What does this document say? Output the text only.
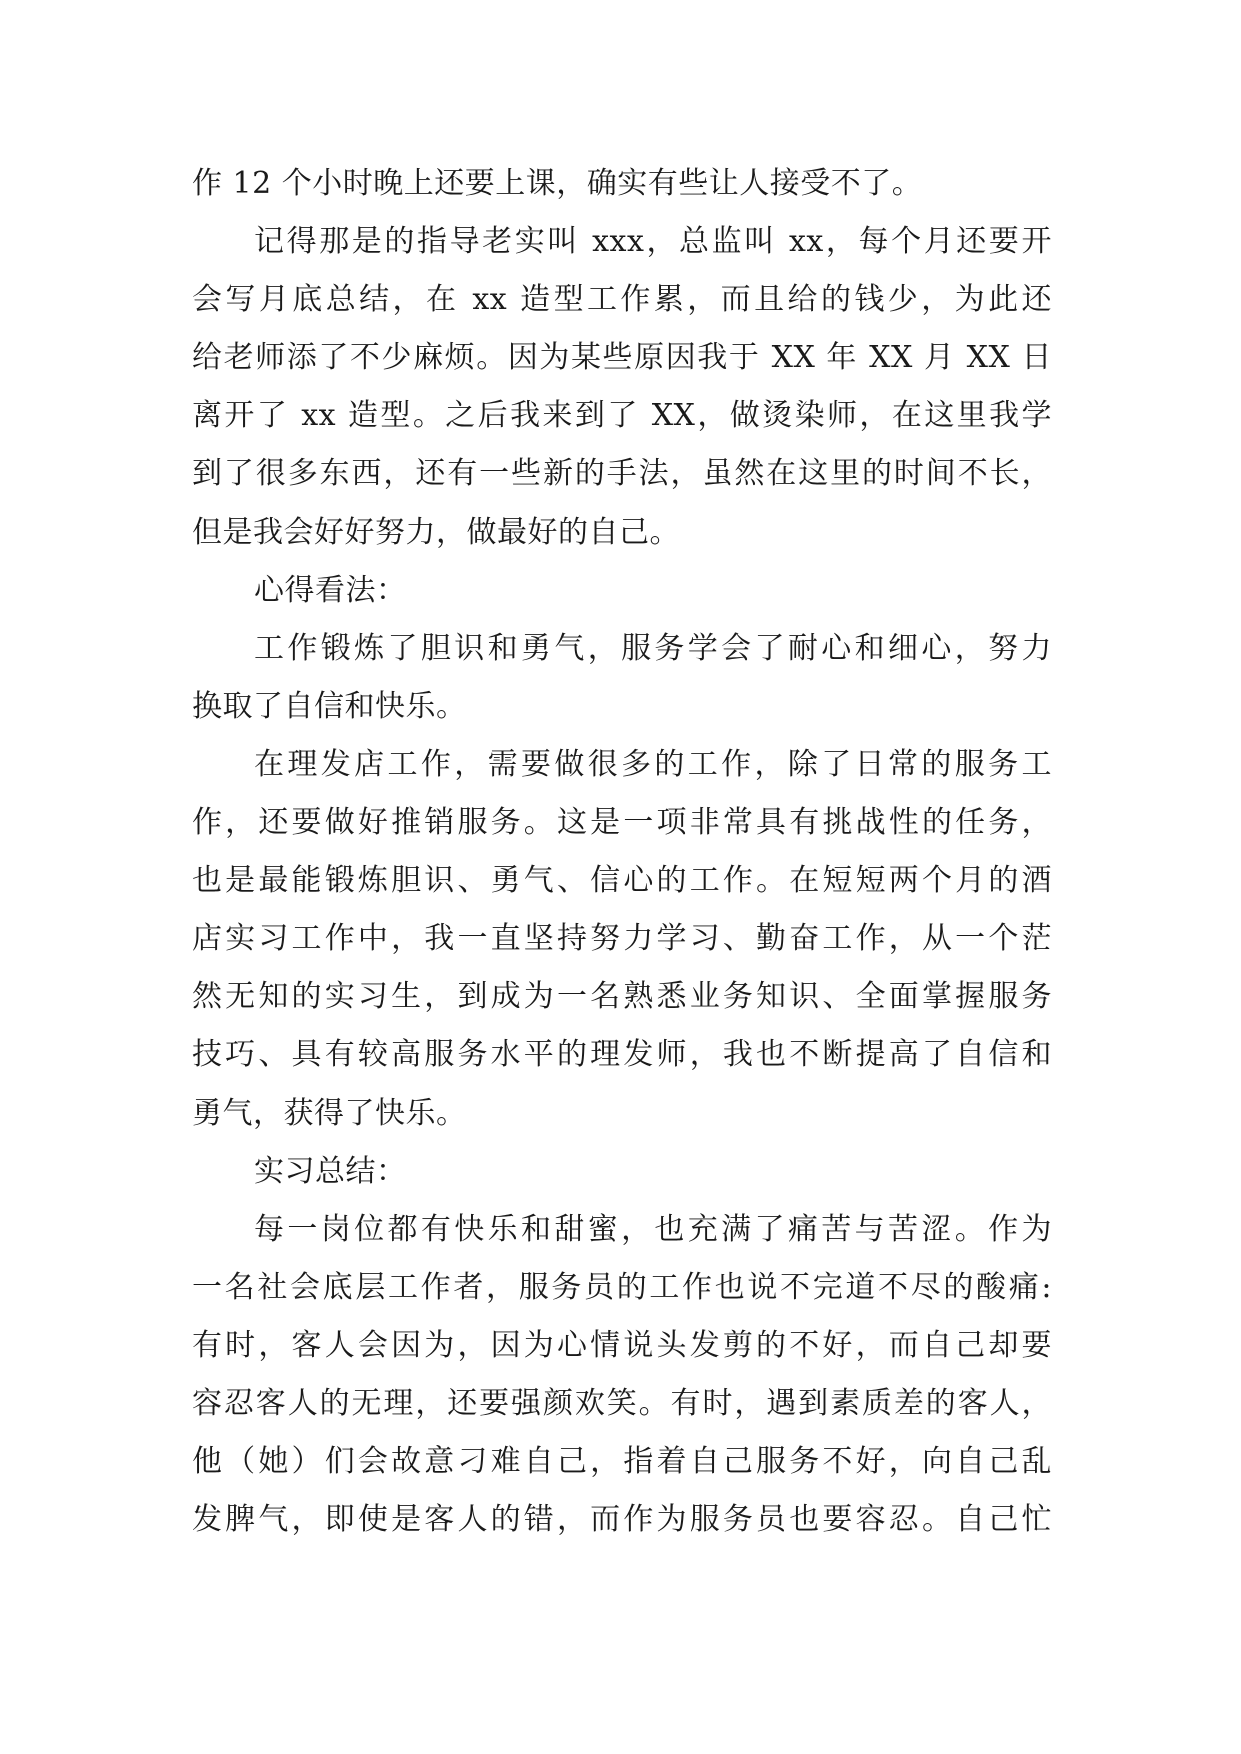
作 12 个小时晚上还要上课，确实有些让人接受不了。
记得那是的指导老实叫 xxx，总监叫 xx，每个月还要开
会写月底总结，在 xx 造型工作累，而且给的钱少，为此还
给老师添了不少麻烦。因为某些原因我于 XX 年 XX 月 XX 日
离开了 xx 造型。之后我来到了 XX，做烫染师，在这里我学
到了很多东西，还有一些新的手法，虽然在这里的时间不长，
但是我会好好努力，做最好的自己。
心得看法：
工作锻炼了胆识和勇气，服务学会了耐心和细心，努力
换取了自信和快乐。
在理发店工作，需要做很多的工作，除了日常的服务工
作，还要做好推销服务。这是一项非常具有挑战性的任务，
也是最能锻炼胆识、勇气、信心的工作。在短短两个月的酒
店实习工作中，我一直坚持努力学习、勤奋工作，从一个茫
然无知的实习生，到成为一名熟悉业务知识、全面掌握服务
技巧、具有较高服务水平的理发师，我也不断提高了自信和
勇气，获得了快乐。
实习总结：
每一岗位都有快乐和甜蜜，也充满了痛苦与苦涩。作为
一名社会底层工作者，服务员的工作也说不完道不尽的酸痛:
有时，客人会因为，因为心情说头发剪的不好，而自己却要
容忍客人的无理，还要强颜欢笑。有时，遇到素质差的客人，
他（她）们会故意刁难自己，指着自己服务不好，向自己乱
发脾气，即使是客人的错，而作为服务员也要容忍。自己忙
